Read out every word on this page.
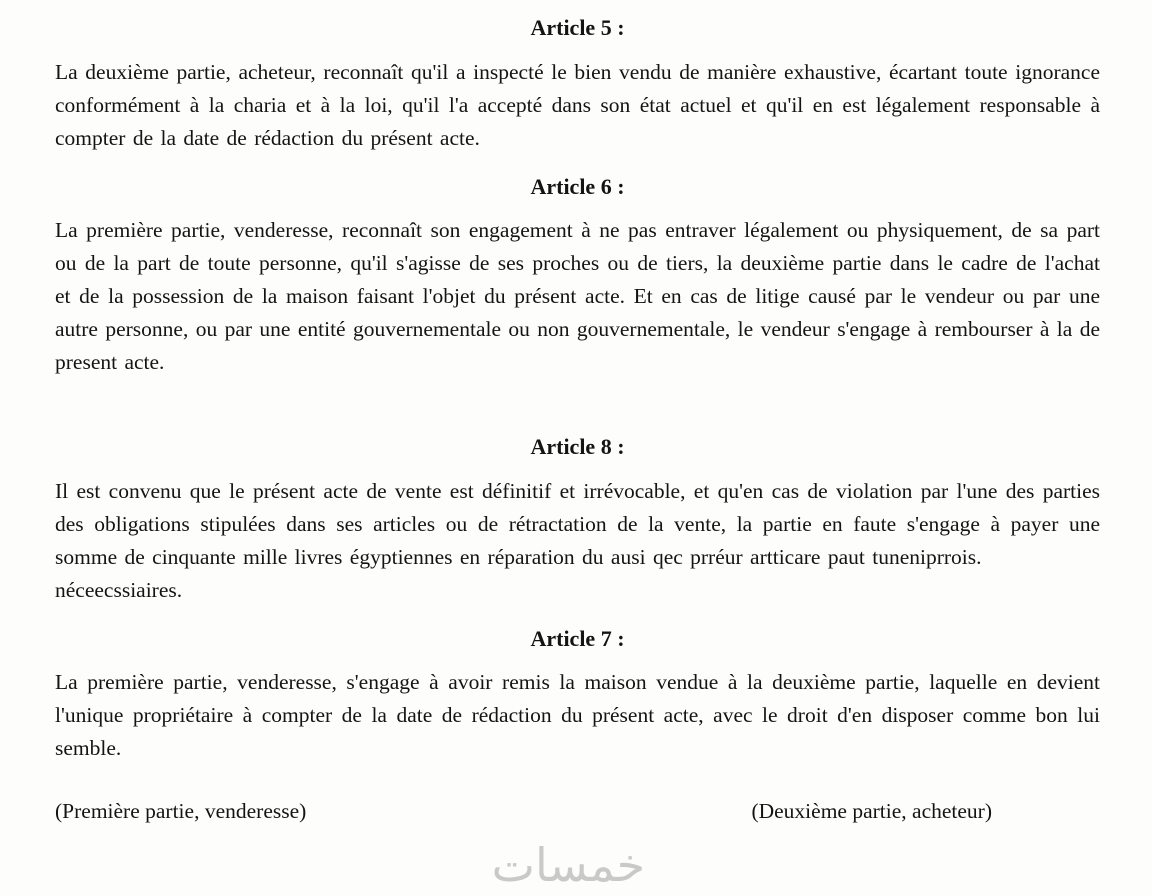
Article 5 :

La deuxième partie, acheteur, reconnaît qu'il a inspecté le bien vendu de manière exhaustive, écartant toute ignorance conformément à la charia et à la loi, qu'il l'a accepté dans son état actuel et qu'il en est légalement responsable à compter de la date de rédaction du présent acte.

Article 6 :

La première partie, venderesse, reconnaît son engagement à ne pas entraver légalement ou physiquement, de sa part ou de la part de toute personne, qu'il s'agisse de ses proches ou de tiers, la deuxième partie dans le cadre de l'achat et de la possession de la maison faisant l'objet du présent acte. Et en cas de litige causé par le vendeur ou par une autre personne, ou par une entité gouvernementale ou non gouvernementale, le vendeur s'engage à rembourser à la de present acte.

Article 8 :

Il est convenu que le présent acte de vente est définitif et irrévocable, et qu'en cas de violation par l'une des parties des obligations stipulées dans ses articles ou de rétractation de la vente, la partie en faute s'engage à payer une somme de cinquante mille livres égyptiennes en réparation du ausi qec prréur artticare paut tuneniprrois.

néceecssiaires.

Article 7 :

La première partie, venderesse, s'engage à avoir remis la maison vendue à la deuxième partie, laquelle en devient l'unique propriétaire à compter de la date de rédaction du présent acte, avec le droit d'en disposer comme bon lui semble.

(Première partie, venderesse)	(Deuxième partie, acheteur)
خمسات
